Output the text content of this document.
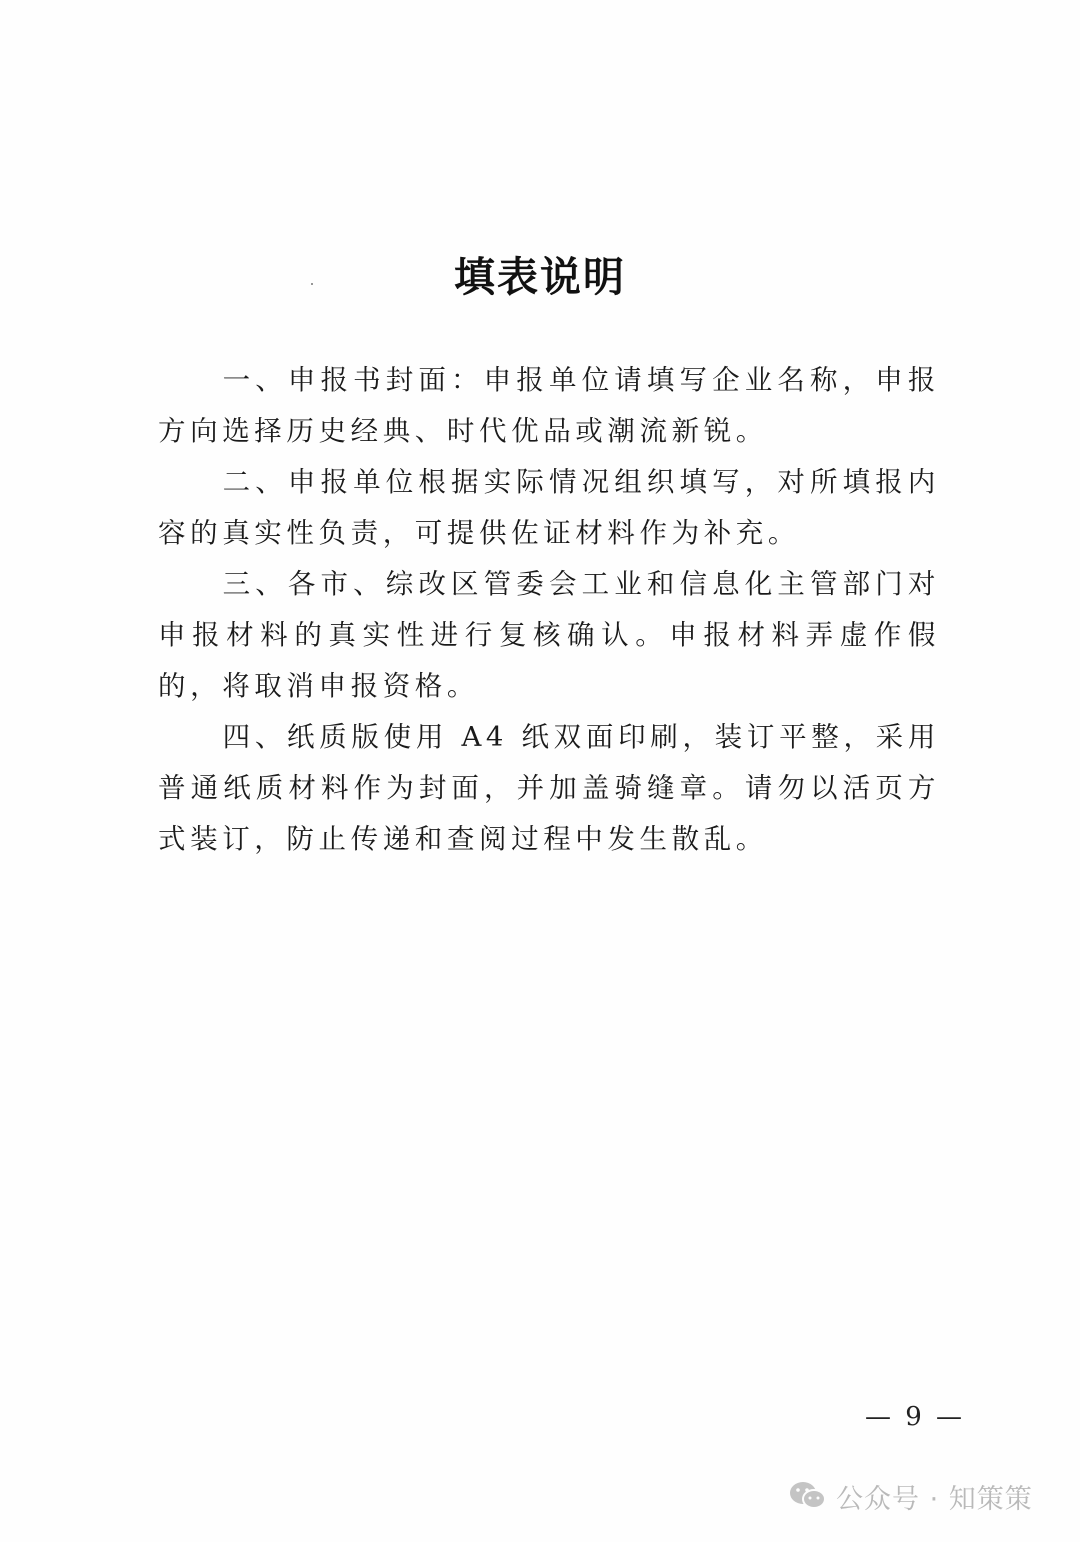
填表说明

一、申报书封面：申报单位请填写企业名称，申报方向选择历史经典、时代优品或潮流新锐。

二、申报单位根据实际情况组织填写，对所填报内容的真实性负责，可提供佐证材料作为补充。

三、各市、综改区管委会工业和信息化主管部门对申报材料的真实性进行复核确认。申报材料弄虚作假的，将取消申报资格。

四、纸质版使用 A4 纸双面印刷，装订平整，采用普通纸质材料作为封面，并加盖骑缝章。请勿以活页方式装订，防止传递和查阅过程中发生散乱。

— 9 —
公众号 · 知策策
